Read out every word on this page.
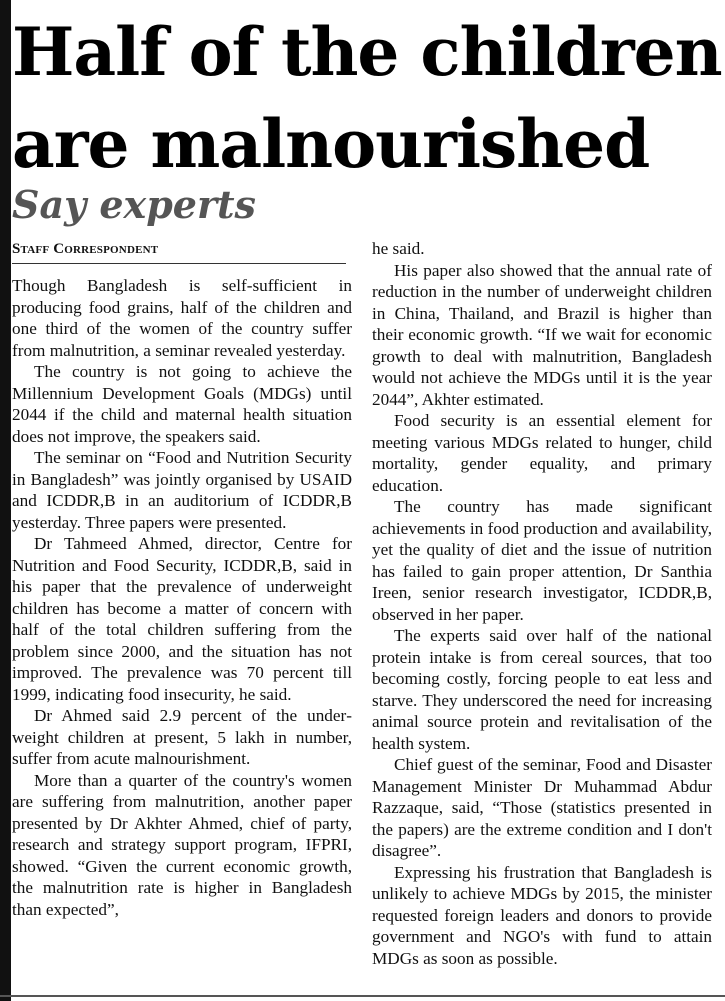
Half of the children are malnourished
Say experts
Staff Correspondent

Though Bangladesh is self-sufficient in producing food grains, half of the children and one third of the women of the country suffer from malnutrition, a seminar revealed yesterday.

The country is not going to achieve the Millennium Development Goals (MDGs) until 2044 if the child and maternal health situation does not improve, the speakers said.

The seminar on “Food and Nutrition Security in Bangladesh” was jointly organised by USAID and ICDDR,B in an auditorium of ICDDR,B yesterday. Three papers were presented.

Dr Tahmeed Ahmed, director, Centre for Nutrition and Food Security, ICDDR,B, said in his paper that the prevalence of underweight children has become a matter of concern with half of the total children suffering from the problem since 2000, and the situation has not improved. The prevalence was 70 percent till 1999, indicating food insecurity, he said.

Dr Ahmed said 2.9 percent of the underweight children at present, 5 lakh in number, suffer from acute malnourishment.

More than a quarter of the country's women are suffering from malnutrition, another paper presented by Dr Akhter Ahmed, chief of party, research and strategy support program, IFPRI, showed. “Given the current economic growth, the malnutrition rate is higher in Bangladesh than expected”,

he said.

His paper also showed that the annual rate of reduction in the number of underweight children in China, Thailand, and Brazil is higher than their economic growth. “If we wait for economic growth to deal with malnutrition, Bangladesh would not achieve the MDGs until it is the year 2044”, Akhter estimated.

Food security is an essential element for meeting various MDGs related to hunger, child mortality, gender equality, and primary education.

The country has made significant achievements in food production and availability, yet the quality of diet and the issue of nutrition has failed to gain proper attention, Dr Santhia Ireen, senior research investigator, ICDDR,B, observed in her paper.

The experts said over half of the national protein intake is from cereal sources, that too becoming costly, forcing people to eat less and starve. They underscored the need for increasing animal source protein and revitalisation of the health system.

Chief guest of the seminar, Food and Disaster Management Minister Dr Muhammad Abdur Razzaque, said, “Those (statistics presented in the papers) are the extreme condition and I don't disagree”.

Expressing his frustration that Bangladesh is unlikely to achieve MDGs by 2015, the minister requested foreign leaders and donors to provide government and NGO's with fund to attain MDGs as soon as possible.
